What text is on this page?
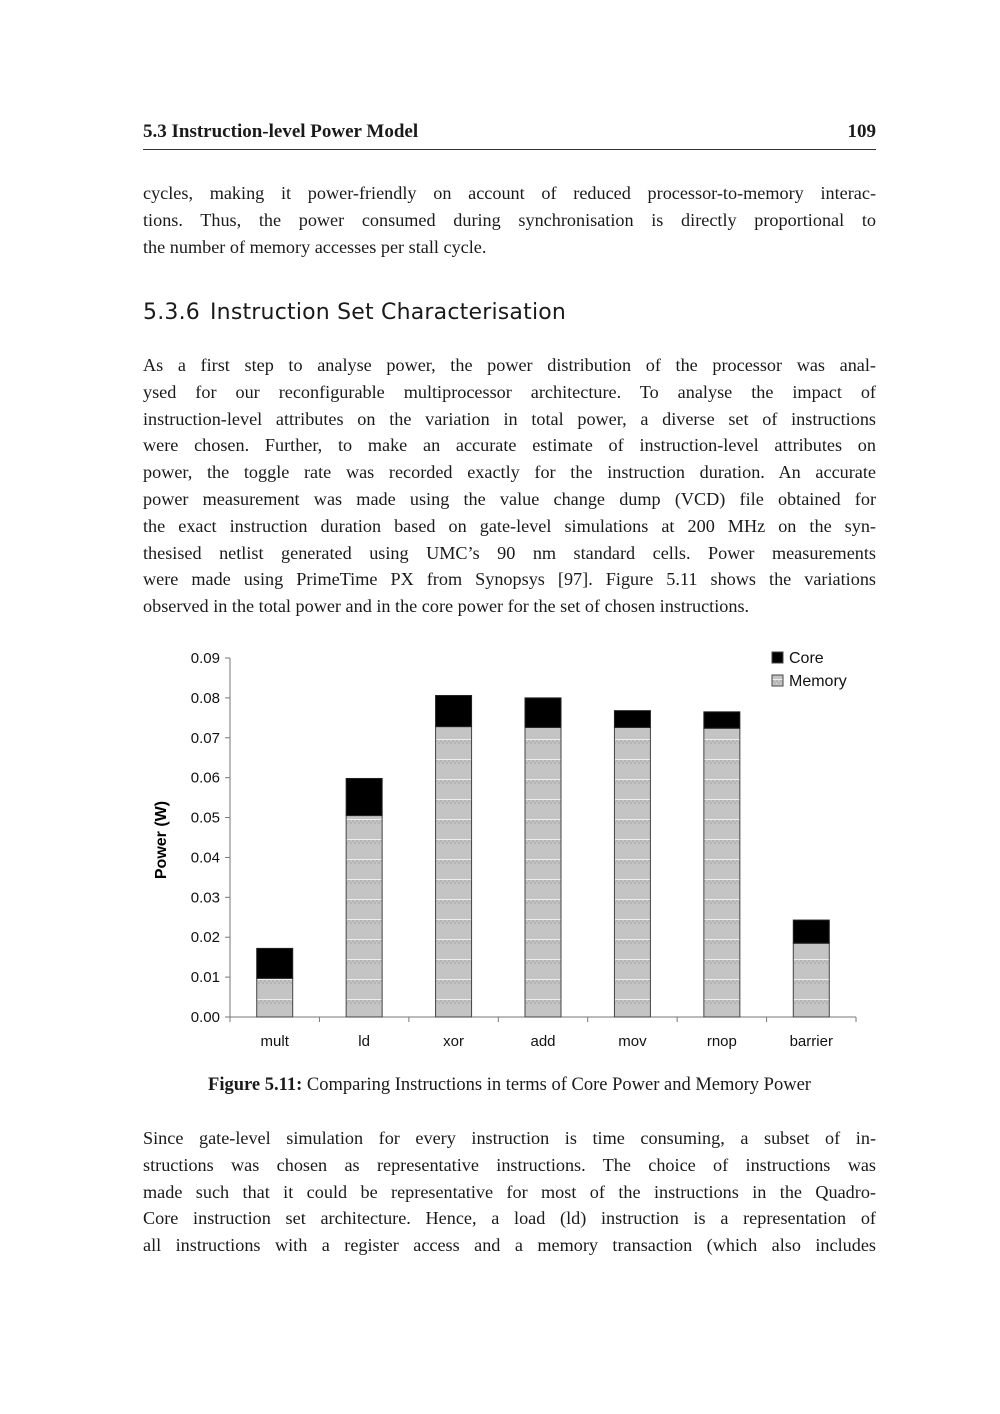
5.3 Instruction-level Power Model	109
cycles, making it power-friendly on account of reduced processor-to-memory interac-
tions. Thus, the power consumed during synchronisation is directly proportional to
the number of memory accesses per stall cycle.
5.3.6 Instruction Set Characterisation
As a first step to analyse power, the power distribution of the processor was anal-
ysed for our reconfigurable multiprocessor architecture. To analyse the impact of
instruction-level attributes on the variation in total power, a diverse set of instructions
were chosen. Further, to make an accurate estimate of instruction-level attributes on
power, the toggle rate was recorded exactly for the instruction duration. An accurate
power measurement was made using the value change dump (VCD) file obtained for
the exact instruction duration based on gate-level simulations at 200 MHz on the syn-
thesised netlist generated using UMC’s 90 nm standard cells. Power measurements
were made using PrimeTime PX from Synopsys [97]. Figure 5.11 shows the variations
observed in the total power and in the core power for the set of chosen instructions.
0.00
0.01
0.02
0.03
0.04
0.05
0.06
0.07
0.08
0.09
mult	ld	xor	add	mov	rnop	barrier
Core
Memory
Power (W)
Figure 5.11: Comparing Instructions in terms of Core Power and Memory Power
Since gate-level simulation for every instruction is time consuming, a subset of in-
structions was chosen as representative instructions. The choice of instructions was
made such that it could be representative for most of the instructions in the Quadro-
Core instruction set architecture. Hence, a load (ld) instruction is a representation of
all instructions with a register access and a memory transaction (which also includes
